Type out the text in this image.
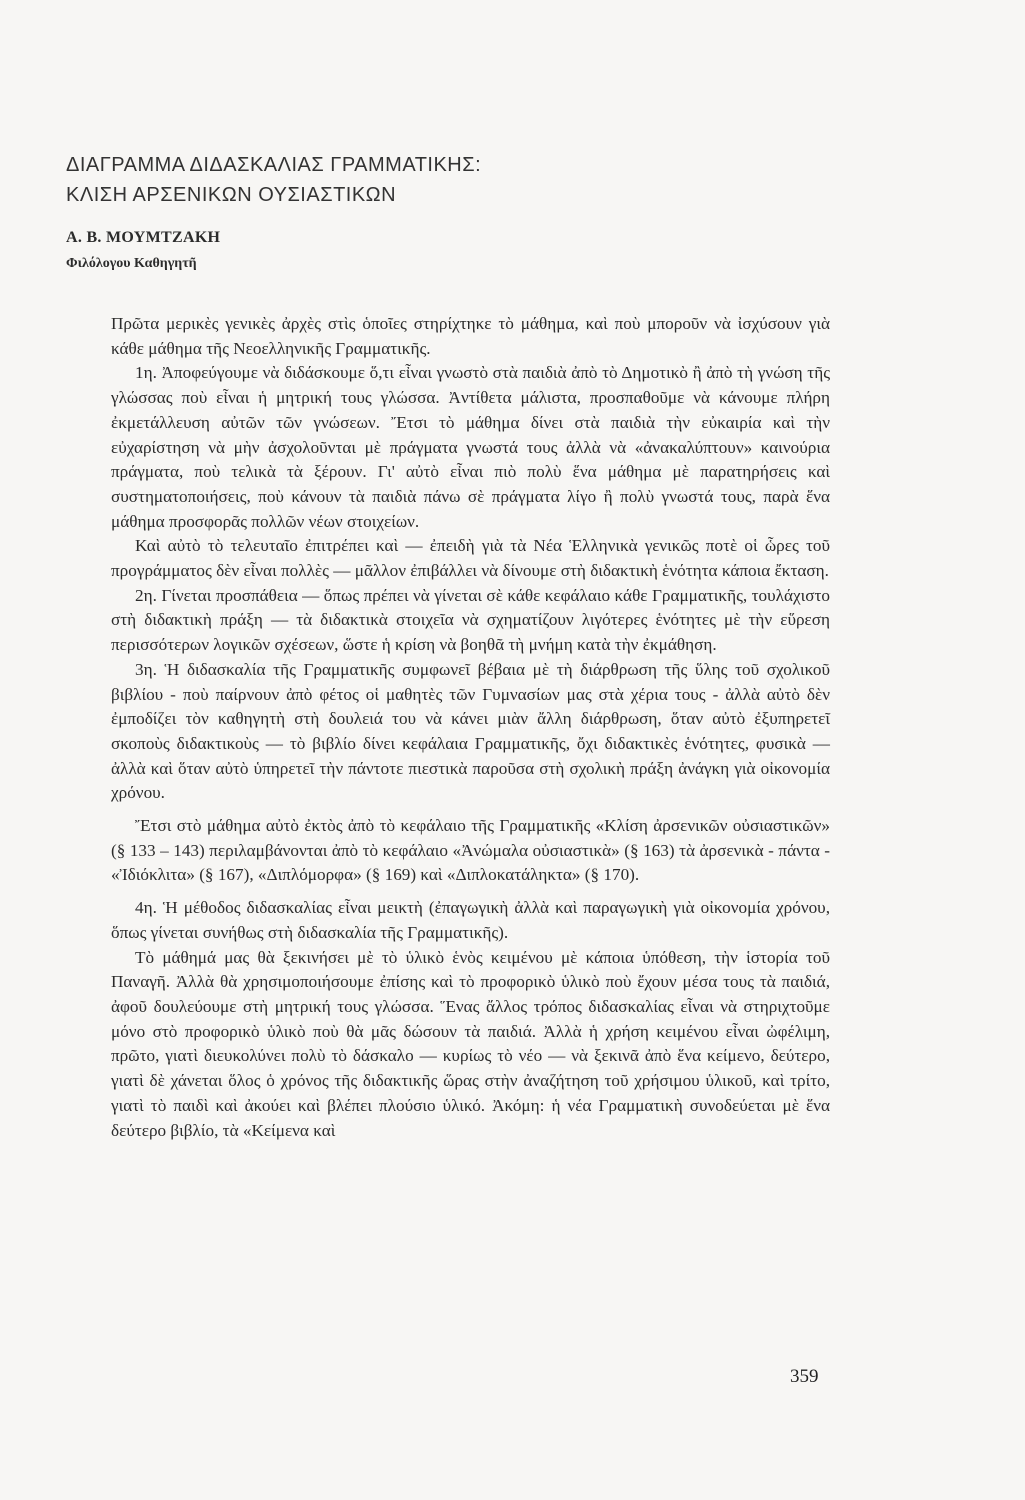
ΔΙΑΓΡΑΜΜΑ ΔΙΔΑΣΚΑΛΙΑΣ ΓΡΑΜΜΑΤΙΚΗΣ:
ΚΛΙΣΗ ΑΡΣΕΝΙΚΩΝ ΟΥΣΙΑΣΤΙΚΩΝ
Α. Β. ΜΟΥΜΤΖΑΚΗ
Φιλόλογου Καθηγητῆ

Πρῶτα μερικὲς γενικὲς ἀρχὲς στὶς ὁποῖες στηρίχτηκε τὸ μάθημα, καὶ ποὺ μποροῦν νὰ ἰσχύσουν γιὰ κάθε μάθημα τῆς Νεοελληνικῆς Γραμματικῆς.

1η. Ἀποφεύγουμε νὰ διδάσκουμε ὅ,τι εἶναι γνωστὸ στὰ παιδιὰ ἀπὸ τὸ Δημοτικὸ ἢ ἀπὸ τὴ γνώση τῆς γλώσσας ποὺ εἶναι ἡ μητρική τους γλώσσα. Ἀντίθετα μάλιστα, προσπαθοῦμε νὰ κάνουμε πλήρη ἐκμετάλλευση αὐτῶν τῶν γνώσεων. Ἔτσι τὸ μάθημα δίνει στὰ παιδιὰ τὴν εὐκαιρία καὶ τὴν εὐχαρίστηση νὰ μὴν ἀσχολοῦνται μὲ πράγματα γνωστά τους ἀλλὰ νὰ «ἀνακαλύπτουν» καινούρια πράγματα, ποὺ τελικὰ τὰ ξέρουν. Γι' αὐτὸ εἶναι πιὸ πολὺ ἕνα μάθημα μὲ παρατηρήσεις καὶ συστηματοποιήσεις, ποὺ κάνουν τὰ παιδιὰ πάνω σὲ πράγματα λίγο ἢ πολὺ γνωστά τους, παρὰ ἕνα μάθημα προσφορᾶς πολλῶν νέων στοιχείων.

Καὶ αὐτὸ τὸ τελευταῖο ἐπιτρέπει καὶ — ἐπειδὴ γιὰ τὰ Νέα Ἑλληνικὰ γενικῶς ποτὲ οἱ ὧρες τοῦ προγράμματος δὲν εἶναι πολλὲς — μᾶλλον ἐπιβάλλει νὰ δίνουμε στὴ διδακτικὴ ἑνότητα κάποια ἔκταση.

2η. Γίνεται προσπάθεια — ὅπως πρέπει νὰ γίνεται σὲ κάθε κεφάλαιο κάθε Γραμματικῆς, τουλάχιστο στὴ διδακτικὴ πράξη — τὰ διδακτικὰ στοιχεῖα νὰ σχηματίζουν λιγότερες ἑνότητες μὲ τὴν εὕρεση περισσότερων λογικῶν σχέσεων, ὥστε ἡ κρίση νὰ βοηθᾶ τὴ μνήμη κατὰ τὴν ἐκμάθηση.

3η. Ἡ διδασκαλία τῆς Γραμματικῆς συμφωνεῖ βέβαια μὲ τὴ διάρθρωση τῆς ὕλης τοῦ σχολικοῦ βιβλίου - ποὺ παίρνουν ἀπὸ φέτος οἱ μαθητὲς τῶν Γυμνασίων μας στὰ χέρια τους - ἀλλὰ αὐτὸ δὲν ἐμποδίζει τὸν καθηγητὴ στὴ δουλειά του νὰ κάνει μιὰν ἄλλη διάρθρωση, ὅταν αὐτὸ ἐξυπηρετεῖ σκοποὺς διδακτικοὺς — τὸ βιβλίο δίνει κεφάλαια Γραμματικῆς, ὄχι διδακτικὲς ἑνότητες, φυσικὰ — ἀλλὰ καὶ ὅταν αὐτὸ ὑπηρετεῖ τὴν πάντοτε πιεστικὰ παροῦσα στὴ σχολικὴ πράξη ἀνάγκη γιὰ οἰκονομία χρόνου.

Ἔτσι στὸ μάθημα αὐτὸ ἐκτὸς ἀπὸ τὸ κεφάλαιο τῆς Γραμματικῆς «Κλίση ἀρσενικῶν οὐσιαστικῶν» (§ 133 – 143) περιλαμβάνονται ἀπὸ τὸ κεφάλαιο «Ἀνώμαλα οὐσιαστικὰ» (§ 163) τὰ ἀρσενικὰ - πάντα - «Ἰδιόκλιτα» (§ 167), «Διπλόμορφα» (§ 169) καὶ «Διπλοκατάληκτα» (§ 170).

4η. Ἡ μέθοδος διδασκαλίας εἶναι μεικτὴ (ἐπαγωγικὴ ἀλλὰ καὶ παραγωγικὴ γιὰ οἰκονομία χρόνου, ὅπως γίνεται συνήθως στὴ διδασκαλία τῆς Γραμματικῆς).

Τὸ μάθημά μας θὰ ξεκινήσει μὲ τὸ ὑλικὸ ἑνὸς κειμένου μὲ κάποια ὑπόθεση, τὴν ἱστορία τοῦ Παναγῆ. Ἀλλὰ θὰ χρησιμοποιήσουμε ἐπίσης καὶ τὸ προφορικὸ ὑλικὸ ποὺ ἔχουν μέσα τους τὰ παιδιά, ἀφοῦ δουλεύουμε στὴ μητρική τους γλώσσα. Ἕνας ἄλλος τρόπος διδασκαλίας εἶναι νὰ στηριχτοῦμε μόνο στὸ προφορικὸ ὑλικὸ ποὺ θὰ μᾶς δώσουν τὰ παιδιά. Ἀλλὰ ἡ χρήση κειμένου εἶναι ὠφέλιμη, πρῶτο, γιατὶ διευκολύνει πολὺ τὸ δάσκαλο — κυρίως τὸ νέο — νὰ ξεκινᾶ ἀπὸ ἕνα κείμενο, δεύτερο, γιατὶ δὲ χάνεται ὅλος ὁ χρόνος τῆς διδακτικῆς ὥρας στὴν ἀναζήτηση τοῦ χρήσιμου ὑλικοῦ, καὶ τρίτο, γιατὶ τὸ παιδὶ καὶ ἀκούει καὶ βλέπει πλούσιο ὑλικό. Ἀκόμη: ἡ νέα Γραμματικὴ συνοδεύεται μὲ ἕνα δεύτερο βιβλίο, τὰ «Κείμενα καὶ

359
